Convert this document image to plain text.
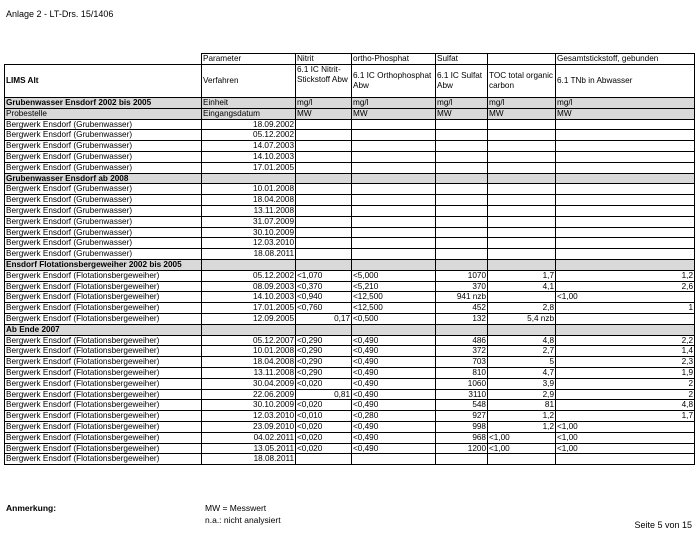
Anlage 2 - LT-Drs. 15/1406
	Parameter	Nitrit	ortho-Phosphat	Sulfat		Gesamtstickstoff, gebunden
LIMS Alt	Verfahren	6.1 IC Nitrit-Stickstoff Abw	6.1 IC Orthophosphat Abw	6.1 IC Sulfat Abw	TOC total organic carbon	6.1 TNb in Abwasser
Grubenwasser Ensdorf 2002 bis 2005	Einheit	mg/l	mg/l	mg/l	mg/l	mg/l
Probestelle	Eingangsdatum	MW	MW	MW	MW	MW
Bergwerk Ensdorf (Grubenwasser)	18.09.2002					
Bergwerk Ensdorf (Grubenwasser)	05.12.2002					
Bergwerk Ensdorf (Grubenwasser)	14.07.2003					
Bergwerk Ensdorf (Grubenwasser)	14.10.2003					
Bergwerk Ensdorf (Grubenwasser)	17.01.2005					
Grubenwasser Ensdorf ab 2008						
Bergwerk Ensdorf (Grubenwasser)	10.01.2008					
Bergwerk Ensdorf (Grubenwasser)	18.04.2008					
Bergwerk Ensdorf (Grubenwasser)	13.11.2008					
Bergwerk Ensdorf (Grubenwasser)	31.07.2009					
Bergwerk Ensdorf (Grubenwasser)	30.10.2009					
Bergwerk Ensdorf (Grubenwasser)	12.03.2010					
Bergwerk Ensdorf (Grubenwasser)	18.08.2011					
Ensdorf Flotationsbergeweiher 2002 bis 2005						
Bergwerk Ensdorf (Flotationsbergeweiher)	05.12.2002	<1,070	<5,000	1070	1,7	1,2
Bergwerk Ensdorf (Flotationsbergeweiher)	08.09.2003	<0,370	<5,210	370	4,1	2,6
Bergwerk Ensdorf (Flotationsbergeweiher)	14.10.2003	<0,940	<12,500	941 nzb		<1,00
Bergwerk Ensdorf (Flotationsbergeweiher)	17.01.2005	<0,760	<12,500	452	2,8	1
Bergwerk Ensdorf (Flotationsbergeweiher)	12.09.2005	0,17	<0,500	132	5,4 nzb	
Ab Ende 2007						
Bergwerk Ensdorf (Flotationsbergeweiher)	05.12.2007	<0,290	<0,490	486	4,8	2,2
Bergwerk Ensdorf (Flotationsbergeweiher)	10.01.2008	<0,290	<0,490	372	2,7	1,4
Bergwerk Ensdorf (Flotationsbergeweiher)	18.04.2008	<0,290	<0,490	703	5	2,3
Bergwerk Ensdorf (Flotationsbergeweiher)	13.11.2008	<0,290	<0,490	810	4,7	1,9
Bergwerk Ensdorf (Flotationsbergeweiher)	30.04.2009	<0,020	<0,490	1060	3,9	2
Bergwerk Ensdorf (Flotationsbergeweiher)	22.06.2009	0,81	<0,490	3110	2,9	2
Bergwerk Ensdorf (Flotationsbergeweiher)	30.10.2009	<0,020	<0,490	548	81	4,8
Bergwerk Ensdorf (Flotationsbergeweiher)	12.03.2010	<0,010	<0,280	927	1,2	1,7
Bergwerk Ensdorf (Flotationsbergeweiher)	23.09.2010	<0,020	<0,490	998	1,2	<1,00
Bergwerk Ensdorf (Flotationsbergeweiher)	04.02.2011	<0,020	<0,490	968	<1,00	<1,00
Bergwerk Ensdorf (Flotationsbergeweiher)	13.05.2011	<0,020	<0,490	1200	<1,00	<1,00
Bergwerk Ensdorf (Flotationsbergeweiher)	18.08.2011					
Anmerkung:	MW = Messwert
n.a.: nicht analysiert	Seite 5 von 15
